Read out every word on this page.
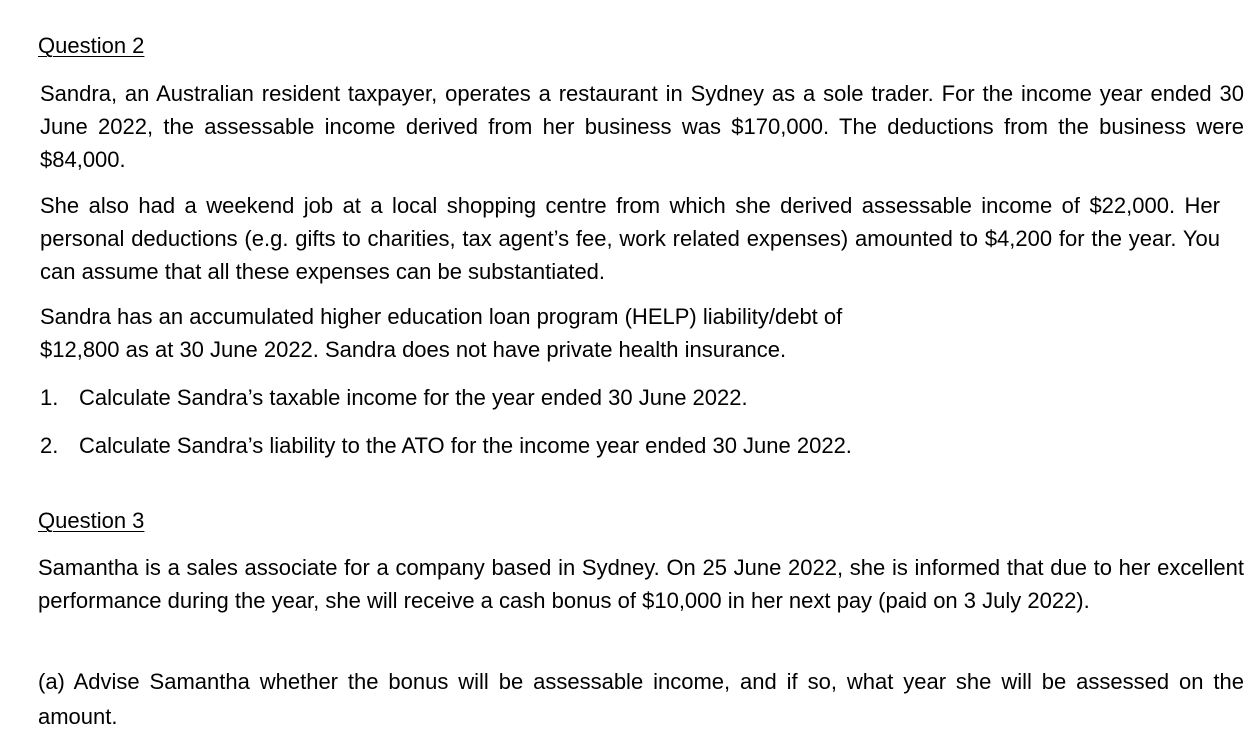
Question 2
Sandra, an Australian resident taxpayer, operates a restaurant in Sydney as a sole trader. For the income year ended 30 June 2022, the assessable income derived from her business was $170,000. The deductions from the business were $84,000.
She also had a weekend job at a local shopping centre from which she derived assessable income of $22,000. Her personal deductions (e.g. gifts to charities, tax agent’s fee, work related expenses) amounted to $4,200 for the year. You can assume that all these expenses can be substantiated.
Sandra has an accumulated higher education loan program (HELP) liability/debt of
$12,800 as at 30 June 2022. Sandra does not have private health insurance.
1. Calculate Sandra’s taxable income for the year ended 30 June 2022.
2. Calculate Sandra’s liability to the ATO for the income year ended 30 June 2022.
Question 3
Samantha is a sales associate for a company based in Sydney. On 25 June 2022, she is informed that due to her excellent performance during the year, she will receive a cash bonus of $10,000 in her next pay (paid on 3 July 2022).
(a) Advise Samantha whether the bonus will be assessable income, and if so, what year she will be assessed on the amount.
